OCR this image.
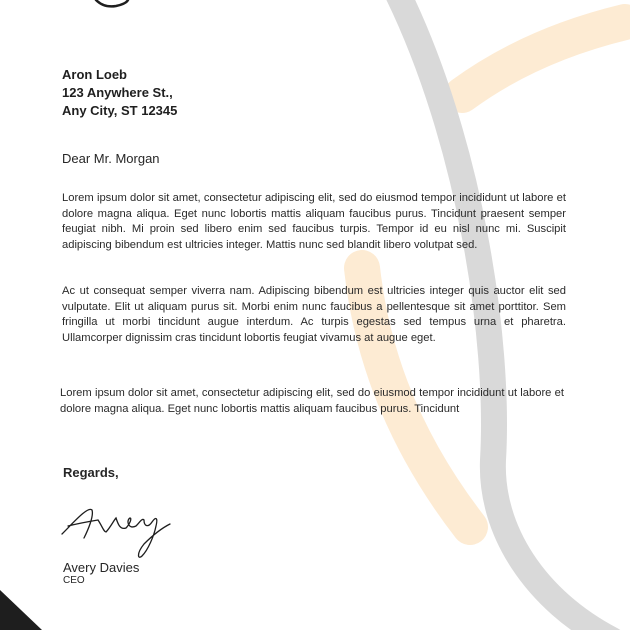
Aron Loeb
123 Anywhere St.,
Any City, ST 12345
Dear Mr. Morgan

Lorem ipsum dolor sit amet, consectetur adipiscing elit, sed do eiusmod tempor incididunt ut labore et dolore magna aliqua. Eget nunc lobortis mattis aliquam faucibus purus. Tincidunt praesent semper feugiat nibh. Mi proin sed libero enim sed faucibus turpis. Tempor id eu nisl nunc mi. Suscipit adipiscing bibendum est ultricies integer. Mattis nunc sed blandit libero volutpat sed.

Ac ut consequat semper viverra nam. Adipiscing bibendum est ultricies integer quis auctor elit sed vulputate. Elit ut aliquam purus sit. Morbi enim nunc faucibus a pellentesque sit amet porttitor. Sem fringilla ut morbi tincidunt augue interdum. Ac turpis egestas sed tempus urna et pharetra. Ullamcorper dignissim cras tincidunt lobortis feugiat vivamus at augue eget.

Lorem ipsum dolor sit amet, consectetur adipiscing elit, sed do eiusmod tempor incididunt ut labore et dolore magna aliqua. Eget nunc lobortis mattis aliquam faucibus purus. Tincidunt

Regards,
Avery Davies
CEO
